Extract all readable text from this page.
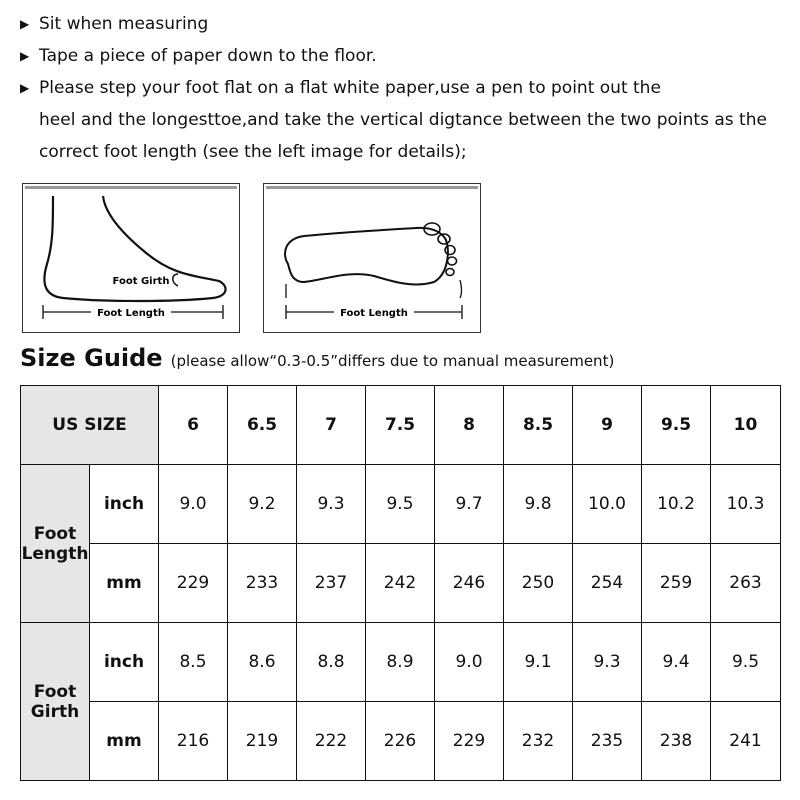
▶ Sit when measuring
▶ Tape a piece of paper down to the floor.
▶ Please step your foot flat on a flat white paper,use a pen to point out the
heel and the longesttoe,and take the vertical digtance between the two points as the
correct foot length (see the left image for details);
Foot Length
Foot Girth
Foot Length
Size Guide (please allow“0.3-0.5”differs due to manual measurement)
US SIZE		6	6.5	7	7.5	8	8.5	9	9.5	10
Foot
Length	inch	9.0	9.2	9.3	9.5	9.7	9.8	10.0	10.2	10.3
	mm	229	233	237	242	246	250	254	259	263
Foot
Girth	inch	8.5	8.6	8.8	8.9	9.0	9.1	9.3	9.4	9.5
	mm	216	219	222	226	229	232	235	238	241
